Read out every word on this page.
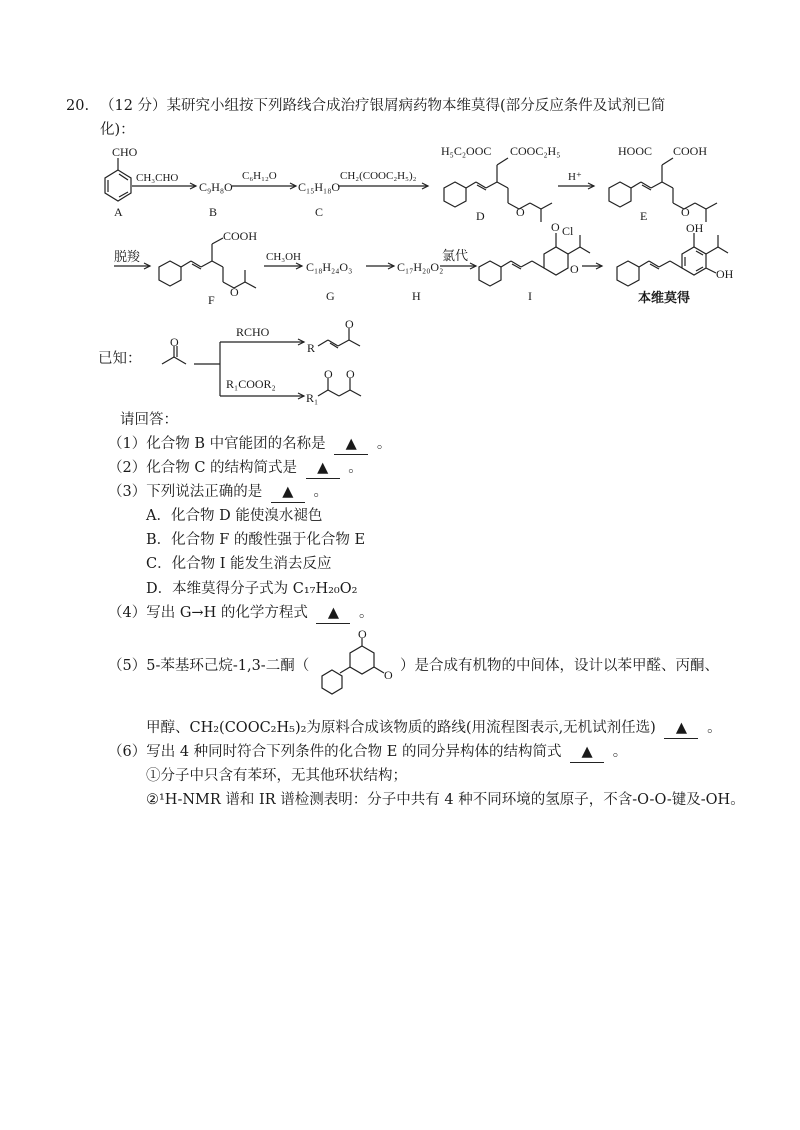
20. （12 分）某研究小组按下列路线合成治疗银屑病药物本维莫得(部分反应条件及试剂已简
化)：
CHO
A
CH₃CHO
C₉H₈O
B
C₆H₁₂O
C₁₅H₁₈O
C
CH₂(COOC₂H₅)₂
H₅C₂OOC COOC₂H₅
O
D
H⁺
HOOC COOH
O
E
脱羧
COOH
O
F
CH₃OH
C₁₈H₂₄O₃
G
C₁₇H₂₀O₂
H
氯代
O Cl
O
I
OH
OH
本维莫得
已知：
O
RCHO
R₁COOR₂
R
O
R₁
O O
请回答：
（1）化合物 B 中官能团的名称是 ▲ 。
（2）化合物 C 的结构简式是 ▲ 。
（3）下列说法正确的是 ▲ 。
A．化合物 D 能使溴水褪色
B．化合物 F 的酸性强于化合物 E
C．化合物 I 能发生消去反应
D．本维莫得分子式为 C₁₇H₂₀O₂
（4）写出 G→H 的化学方程式 ▲ 。
（5）5-苯基环己烷-1,3-二酮（
O
O
）是合成有机物的中间体，设计以苯甲醛、丙酮、
甲醇、CH₂(COOC₂H₅)₂为原料合成该物质的路线(用流程图表示,无机试剂任选) ▲ 。
（6）写出 4 种同时符合下列条件的化合物 E 的同分异构体的结构简式 ▲ 。
①分子中只含有苯环，无其他环状结构；
②¹H-NMR 谱和 IR 谱检测表明：分子中共有 4 种不同环境的氢原子，不含-O-O-键及-OH。
